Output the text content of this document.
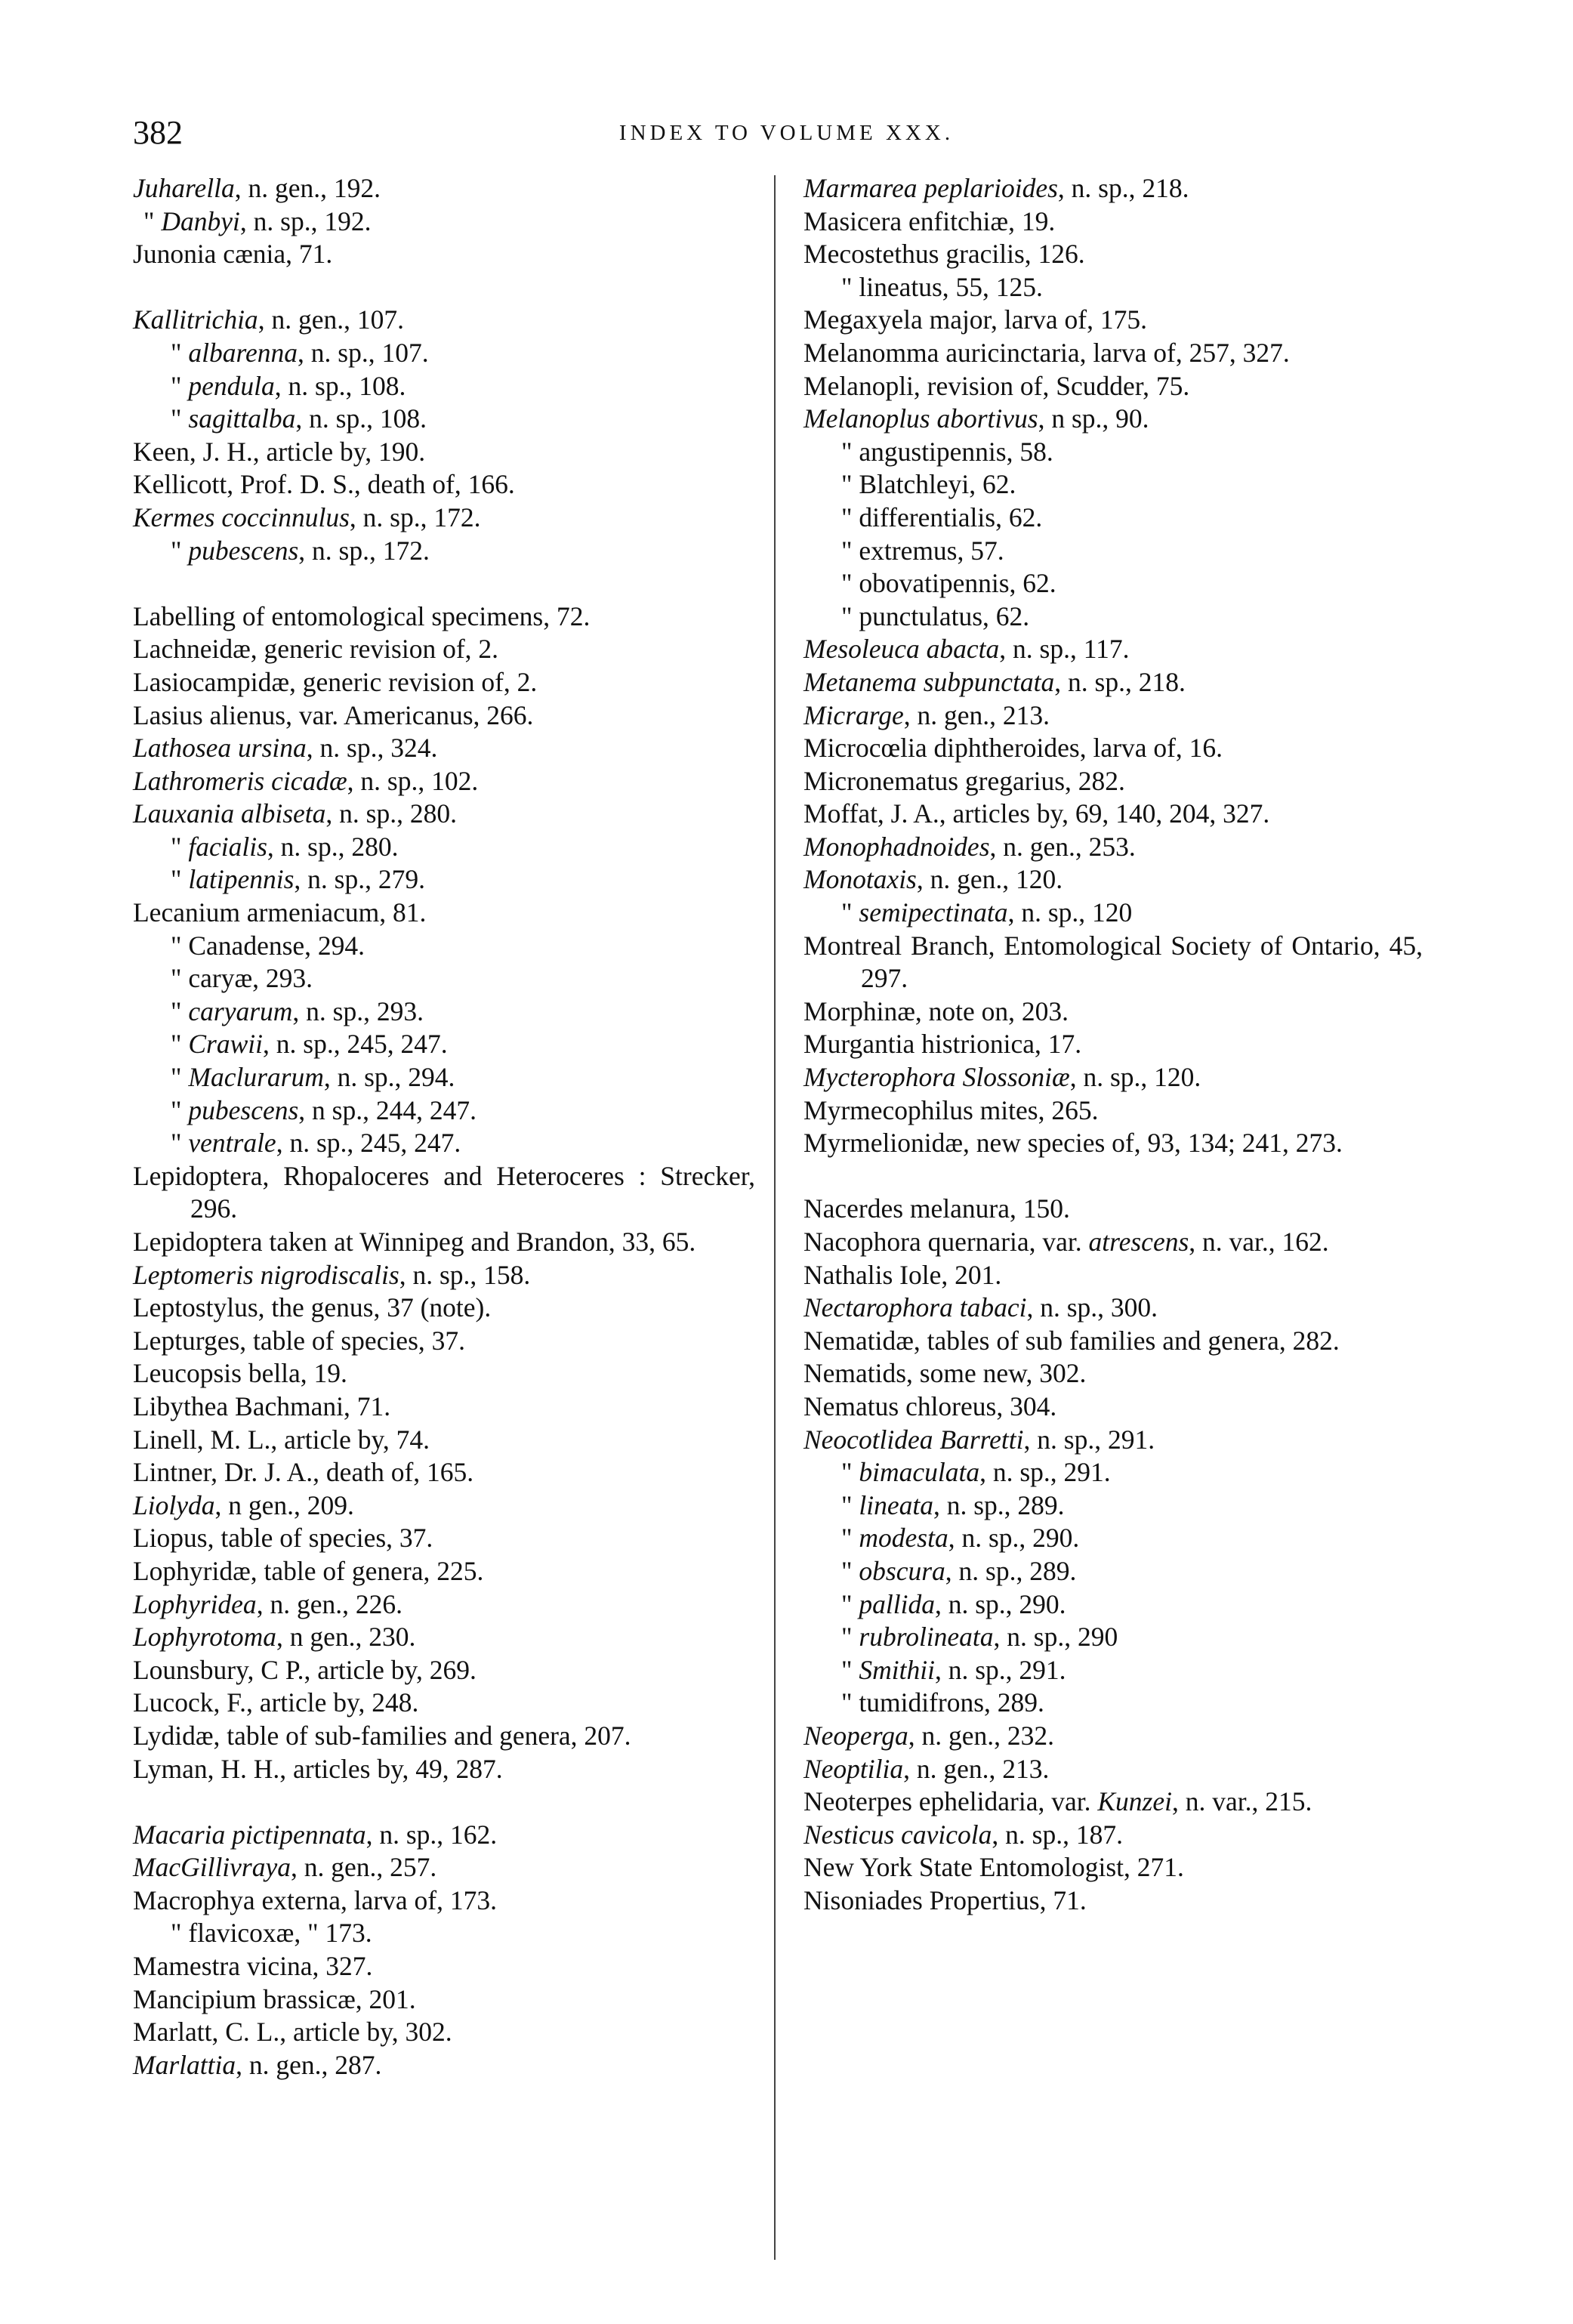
382	INDEX TO VOLUME XXX.
Juharella, n. gen., 192.
" Danbyi, n. sp., 192.
Junonia cænia, 71.
Kallitrichia, n. gen., 107.
" albarenna, n. sp., 107.
" pendula, n. sp., 108.
" sagittalba, n. sp., 108.
Keen, J. H., article by, 190.
Kellicott, Prof. D. S., death of, 166.
Kermes coccinnulus, n. sp., 172.
" pubescens, n. sp., 172.
Labelling of entomological specimens, 72.
Lachneidæ, generic revision of, 2.
Lasiocampidæ, generic revision of, 2.
Lasius alienus, var. Americanus, 266.
Lathosea ursina, n. sp., 324.
Lathromeris cicadæ, n. sp., 102.
Lauxania albiseta, n. sp., 280.
" facialis, n. sp., 280.
" latipennis, n. sp., 279.
Lecanium armeniacum, 81.
" Canadense, 294.
" caryæ, 293.
" caryarum, n. sp., 293.
" Crawii, n. sp., 245, 247.
" Maclurarum, n. sp., 294.
" pubescens, n sp., 244, 247.
" ventrale, n. sp., 245, 247.
Lepidoptera, Rhopaloceres and Heteroceres : Strecker, 296.
Lepidoptera taken at Winnipeg and Brandon, 33, 65.
Leptomeris nigrodiscalis, n. sp., 158.
Leptostylus, the genus, 37 (note).
Lepturges, table of species, 37.
Leucopsis bella, 19.
Libythea Bachmani, 71.
Linell, M. L., article by, 74.
Lintner, Dr. J. A., death of, 165.
Liolyda, n gen., 209.
Liopus, table of species, 37.
Lophyridæ, table of genera, 225.
Lophyridea, n. gen., 226.
Lophyrotoma, n gen., 230.
Lounsbury, C P., article by, 269.
Lucock, F., article by, 248.
Lydidæ, table of sub-families and genera, 207.
Lyman, H. H., articles by, 49, 287.
Macaria pictipennata, n. sp., 162.
MacGillivraya, n. gen., 257.
Macrophya externa, larva of, 173.
" flavicoxæ, " 173.
Mamestra vicina, 327.
Mancipium brassicæ, 201.
Marlatt, C. L., article by, 302.
Marlattia, n. gen., 287.
Marmarea peplarioides, n. sp., 218.
Masicera enfitchiæ, 19.
Mecostethus gracilis, 126.
" lineatus, 55, 125.
Megaxyela major, larva of, 175.
Melanomma auricinctaria, larva of, 257, 327.
Melanopli, revision of, Scudder, 75.
Melanoplus abortivus, n sp., 90.
" angustipennis, 58.
" Blatchleyi, 62.
" differentialis, 62.
" extremus, 57.
" obovatipennis, 62.
" punctulatus, 62.
Mesoleuca abacta, n. sp., 117.
Metanema subpunctata, n. sp., 218.
Micrarge, n. gen., 213.
Microcœlia diphtheroides, larva of, 16.
Micronematus gregarius, 282.
Moffat, J. A., articles by, 69, 140, 204, 327.
Monophadnoides, n. gen., 253.
Monotaxis, n. gen., 120.
" semipectinata, n. sp., 120
Montreal Branch, Entomological Society of Ontario, 45, 297.
Morphinæ, note on, 203.
Murgantia histrionica, 17.
Mycterophora Slossoniæ, n. sp., 120.
Myrmecophilus mites, 265.
Myrmelionidæ, new species of, 93, 134; 241, 273.
Nacerdes melanura, 150.
Nacophora quernaria, var. atrescens, n. var., 162.
Nathalis Iole, 201.
Nectarophora tabaci, n. sp., 300.
Nematidæ, tables of sub families and genera, 282.
Nematids, some new, 302.
Nematus chloreus, 304.
Neocotlidea Barretti, n. sp., 291.
" bimaculata, n. sp., 291.
" lineata, n. sp., 289.
" modesta, n. sp., 290.
" obscura, n. sp., 289.
" pallida, n. sp., 290.
" rubrolineata, n. sp., 290
" Smithii, n. sp., 291.
" tumidifrons, 289.
Neoperga, n. gen., 232.
Neoptilia, n. gen., 213.
Neoterpes ephelidaria, var. Kunzei, n. var., 215.
Nesticus cavicola, n. sp., 187.
New York State Entomologist, 271.
Nisoniades Propertius, 71.
